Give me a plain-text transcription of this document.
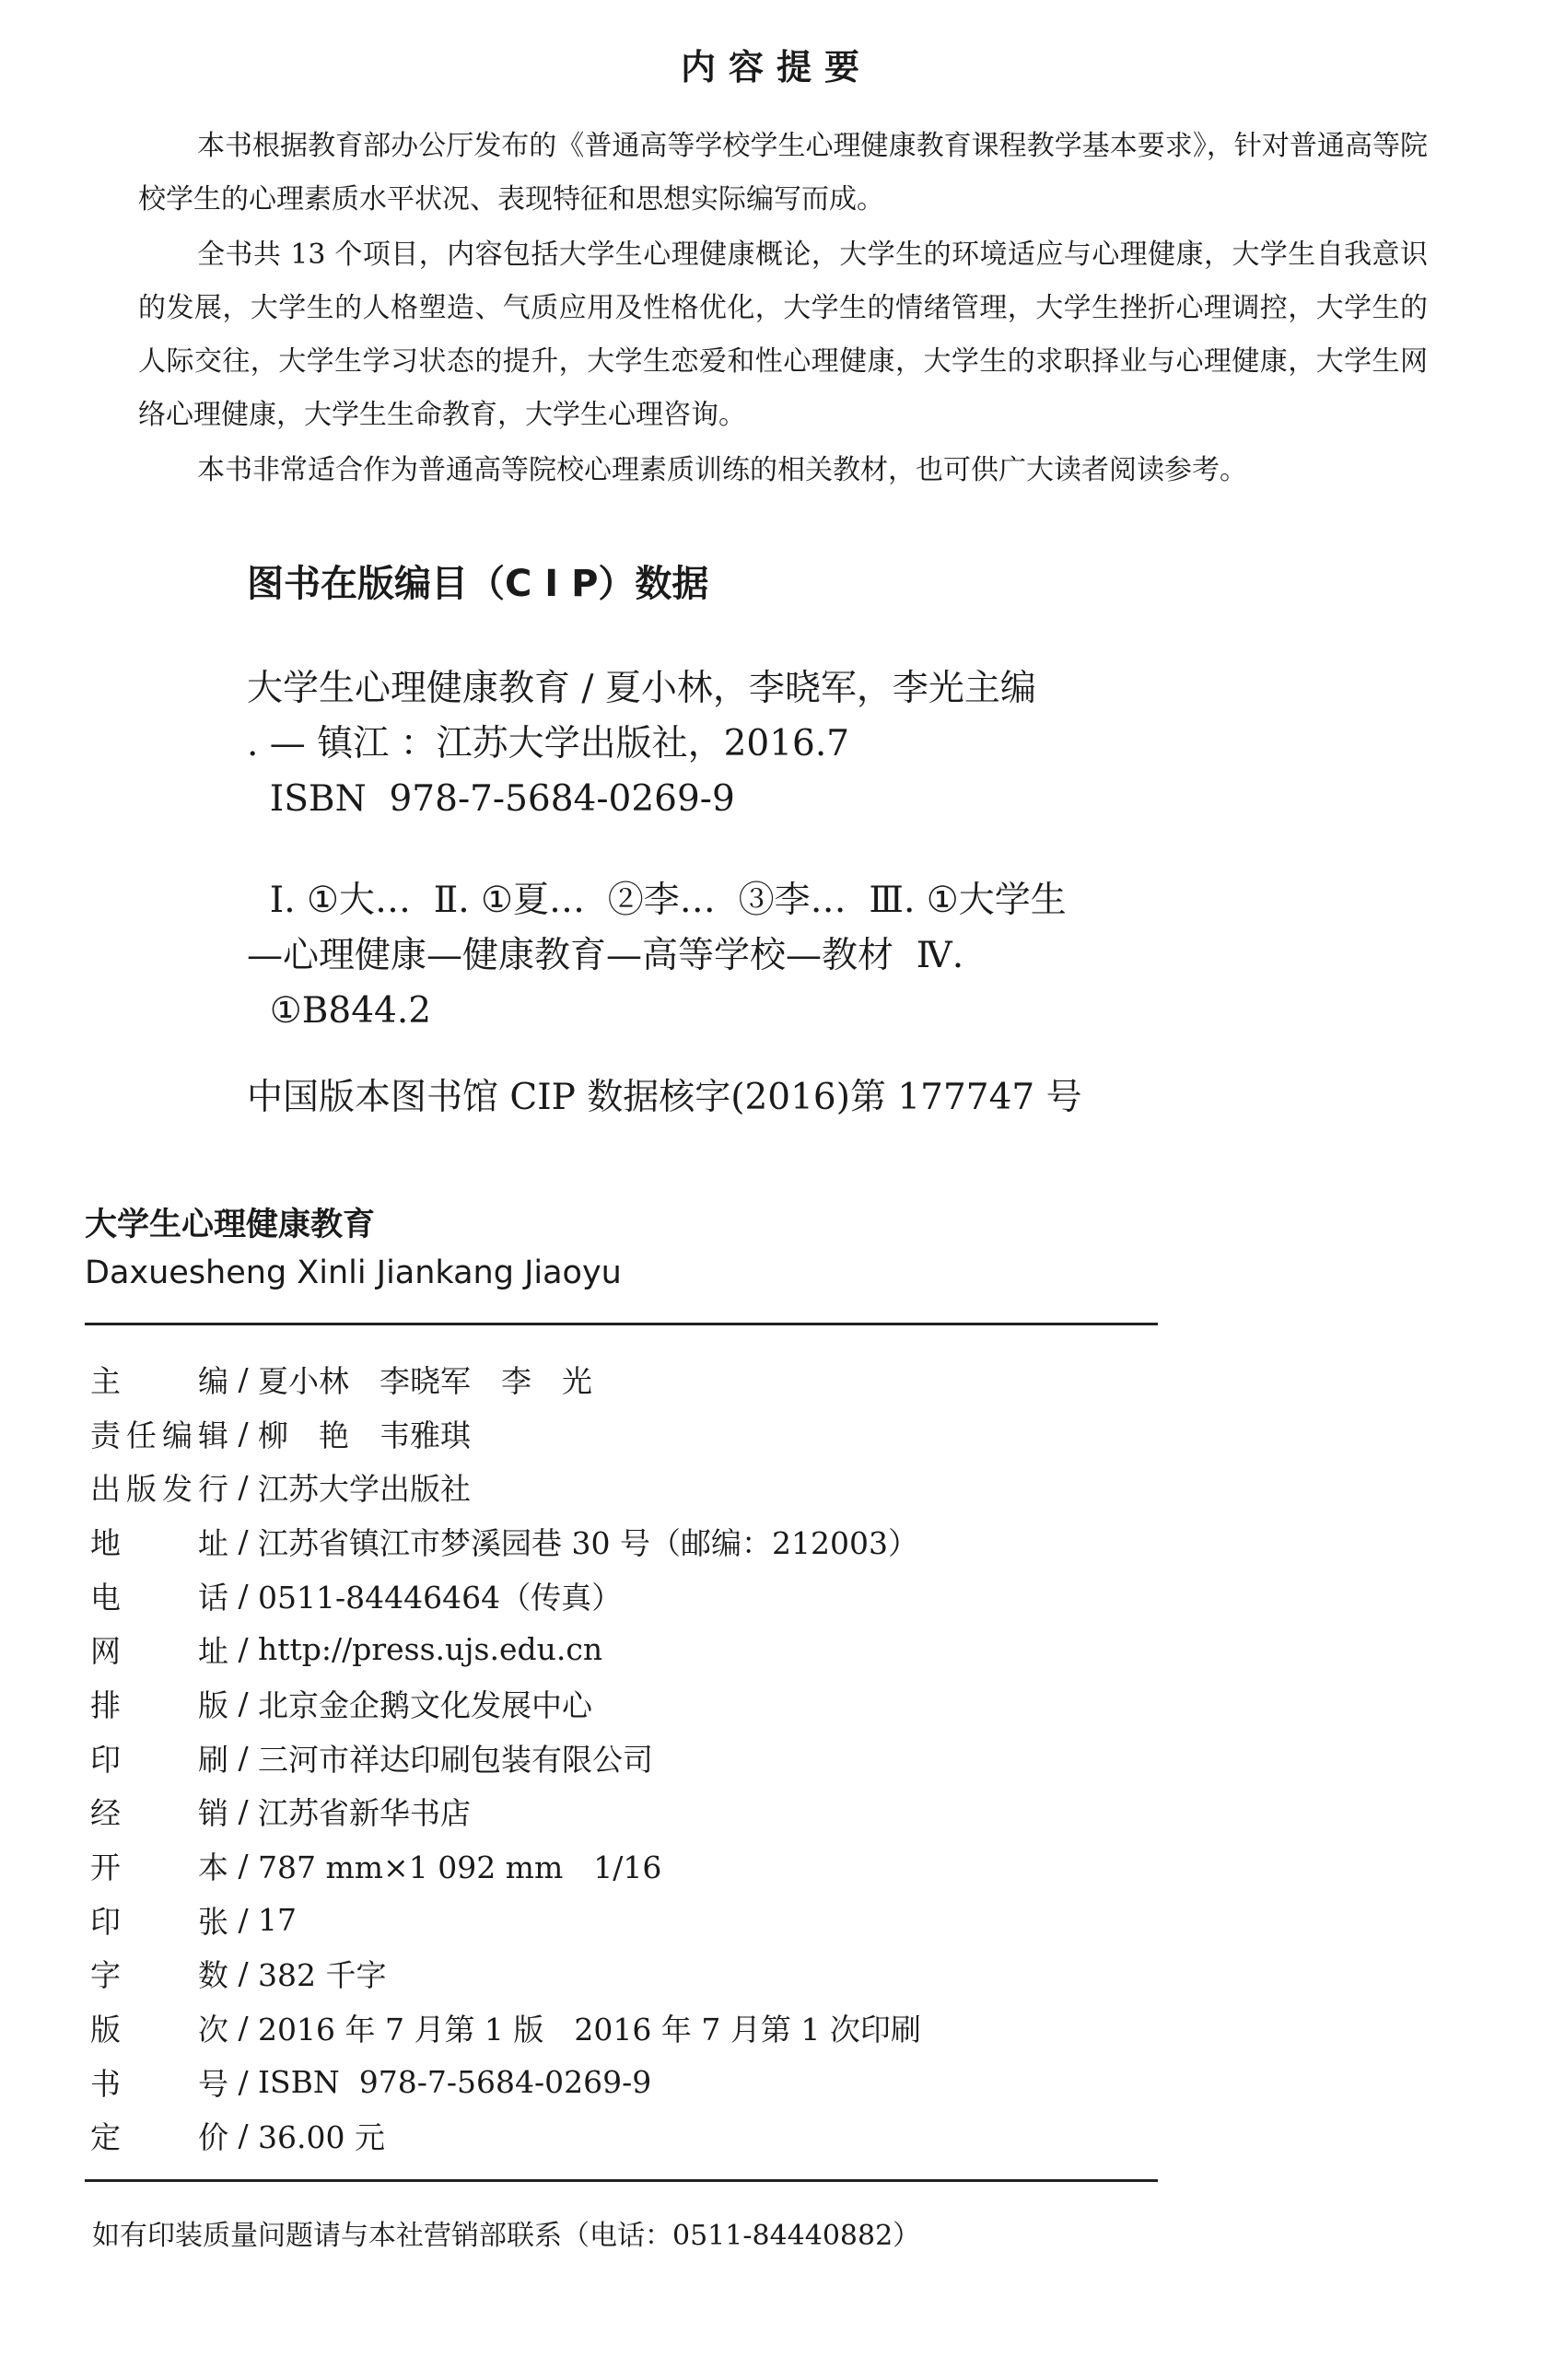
内容提要

本书根据教育部办公厅发布的《普通高等学校学生心理健康教育课程教学基本要求》，针对普通高等院校学生的心理素质水平状况、表现特征和思想实际编写而成。

全书共 13 个项目，内容包括大学生心理健康概论，大学生的环境适应与心理健康，大学生自我意识的发展，大学生的人格塑造、气质应用及性格优化，大学生的情绪管理，大学生挫折心理调控，大学生的人际交往，大学生学习状态的提升，大学生恋爱和性心理健康，大学生的求职择业与心理健康，大学生网络心理健康，大学生生命教育，大学生心理咨询。

本书非常适合作为普通高等院校心理素质训练的相关教材，也可供广大读者阅读参考。

图书在版编目（C I P）数据
大学生心理健康教育 / 夏小林，李晓军，李光主编
. — 镇江 ：江苏大学出版社，2016.7
ISBN  978-7-5684-0269-9
Ⅰ. ①大…  Ⅱ. ①夏…  ②李…  ③李…  Ⅲ. ①大学生
—心理健康—健康教育—高等学校—教材  Ⅳ.
①B844.2
中国版本图书馆 CIP 数据核字(2016)第 177747 号
大学生心理健康教育
Daxuesheng Xinli Jiankang Jiaoyu
主	编 / 夏小林　李晓军　李　光
责 任 编 辑 / 柳　艳　韦雅琪
出 版 发 行 / 江苏大学出版社
地	址 / 江苏省镇江市梦溪园巷 30 号（邮编：212003）
电	话 / 0511-84446464（传真）
网	址 / http://press.ujs.edu.cn
排	版 / 北京金企鹅文化发展中心
印	刷 / 三河市祥达印刷包装有限公司
经	销 / 江苏省新华书店
开	本 / 787 mm×1 092 mm　1/16
印	张 / 17
字	数 / 382 千字
版	次 / 2016 年 7 月第 1 版　2016 年 7 月第 1 次印刷
书	号 / ISBN  978-7-5684-0269-9
定	价 / 36.00 元
如有印装质量问题请与本社营销部联系（电话：0511-84440882）
